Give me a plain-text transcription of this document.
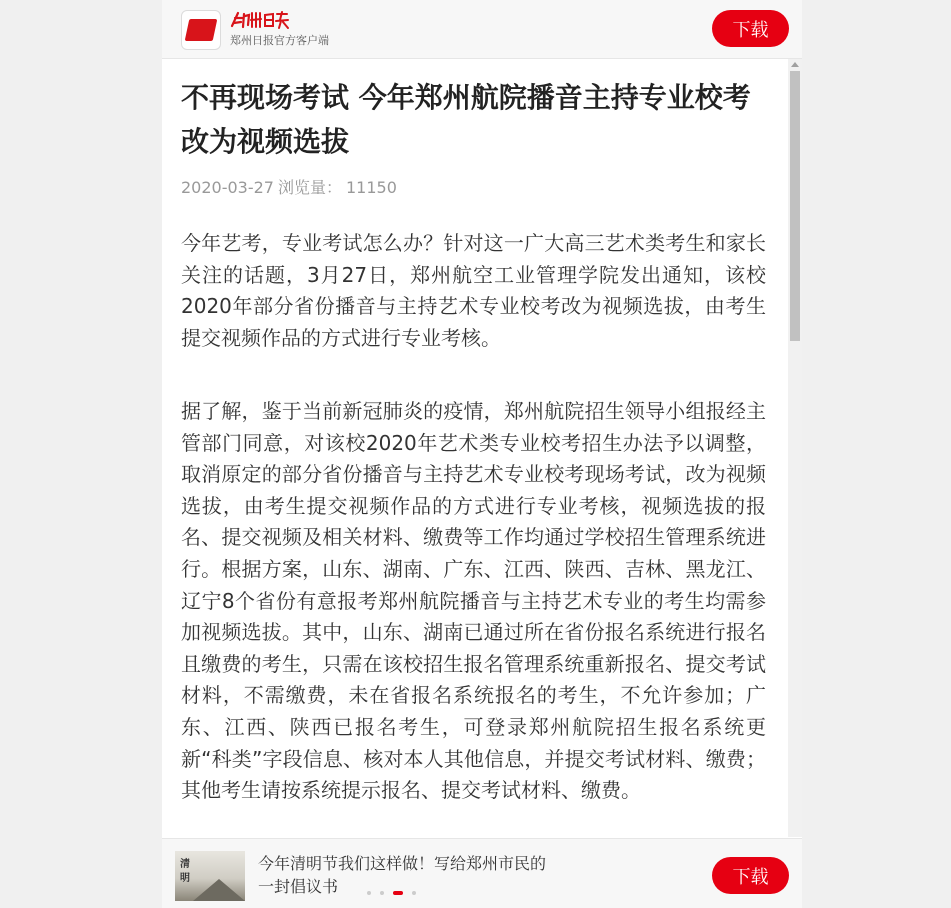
郑州日报官方客户端	下载
不再现场考试 今年郑州航院播音主持专业校考改为视频选拔
2020-03-27 浏览量： 11150

今年艺考，专业考试怎么办？针对这一广大高三艺术类考生和家长关注的话题，3月27日，郑州航空工业管理学院发出通知，该校2020年部分省份播音与主持艺术专业校考改为视频选拔，由考生提交视频作品的方式进行专业考核。

据了解，鉴于当前新冠肺炎的疫情，郑州航院招生领导小组报经主管部门同意，对该校2020年艺术类专业校考招生办法予以调整，取消原定的部分省份播音与主持艺术专业校考现场考试，改为视频选拔，由考生提交视频作品的方式进行专业考核，视频选拔的报名、提交视频及相关材料、缴费等工作均通过学校招生管理系统进行。根据方案，山东、湖南、广东、江西、陕西、吉林、黑龙江、辽宁8个省份有意报考郑州航院播音与主持艺术专业的考生均需参加视频选拔。其中，山东、湖南已通过所在省份报名系统进行报名且缴费的考生，只需在该校招生报名管理系统重新报名、提交考试材料，不需缴费，未在省报名系统报名的考生，不允许参加；广东、江西、陕西已报名考生，可登录郑州航院招生报名系统更新“科类”字段信息、核对本人其他信息，并提交考试材料、缴费；其他考生请按系统提示报名、提交考试材料、缴费。

清
明

今年清明节我们这样做！写给郑州市民的一封倡议书	下载
